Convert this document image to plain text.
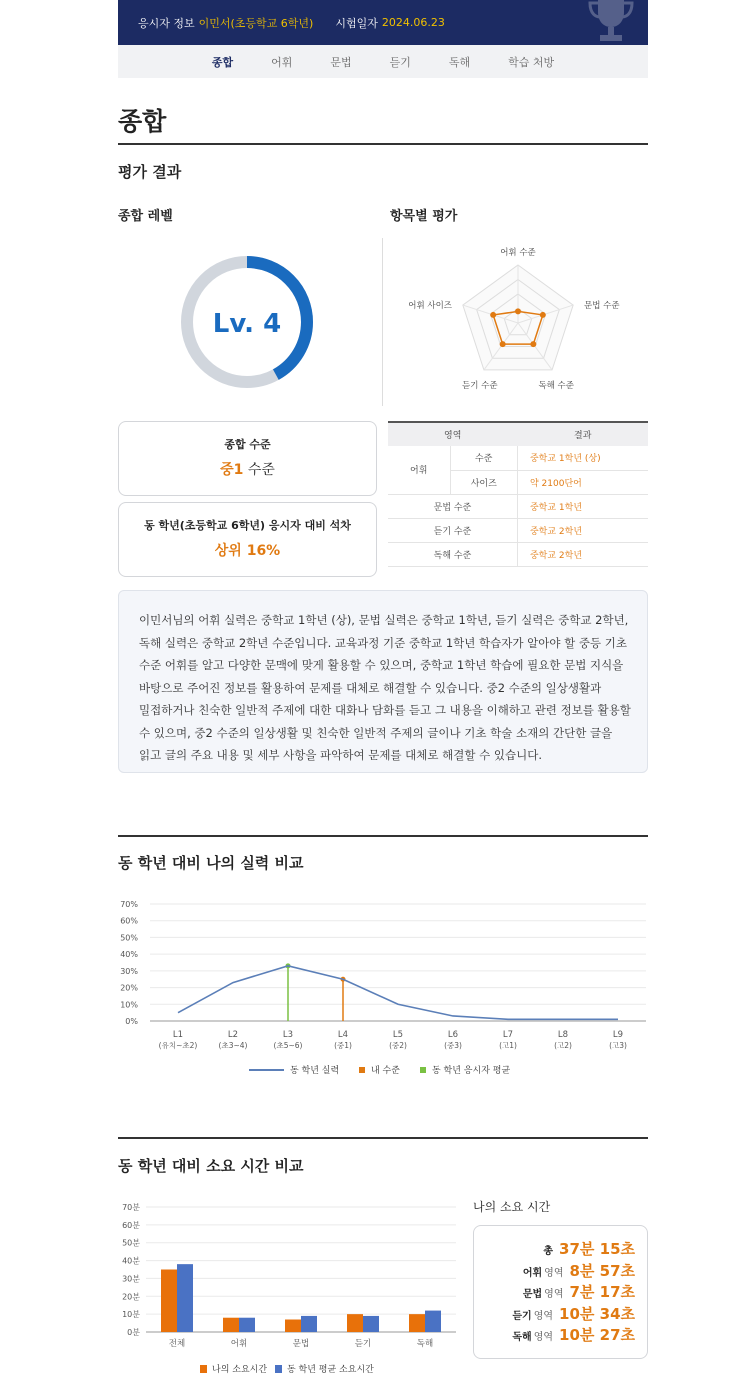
응시자 정보 이민서(초등학교 6학년) 시험일자 2024.06.23
종합	어휘	문법	듣기	독해	학습 처방
종합
평가 결과
종합 레벨	항목별 평가
Lv. 4
어휘 수준
문법 수준
독해 수준
듣기 수준
어휘 사이즈
종합 수준
중1 수준
동 학년(초등학교 6학년) 응시자 대비 석차
상위 16%
영역		결과
어휘	수준	중학교 1학년 (상)
	사이즈	약 2100단어
문법 수준		중학교 1학년
듣기 수준		중학교 2학년
독해 수준		중학교 2학년
이민서님의 어휘 실력은 중학교 1학년 (상), 문법 실력은 중학교 1학년, 듣기 실력은 중학교 2학년,
독해 실력은 중학교 2학년 수준입니다. 교육과정 기준 중학교 1학년 학습자가 알아야 할 중등 기초
수준 어휘를 알고 다양한 문맥에 맞게 활용할 수 있으며, 중학교 1학년 학습에 필요한 문법 지식을
바탕으로 주어진 정보를 활용하여 문제를 대체로 해결할 수 있습니다. 중2 수준의 일상생활과
밀접하거나 친숙한 일반적 주제에 대한 대화나 담화를 듣고 그 내용을 이해하고 관련 정보를 활용할
수 있으며, 중2 수준의 일상생활 및 친숙한 일반적 주제의 글이나 기초 학술 소재의 간단한 글을
읽고 글의 주요 내용 및 세부 사항을 파악하여 문제를 대체로 해결할 수 있습니다.
동 학년 대비 나의 실력 비교
70%
60%
50%
40%
30%
20%
10%
0%
L1
(유치~초2)
L2
(초3~4)
L3
(초5~6)
L4
(중1)
L5
(중2)
L6
(중3)
L7
(고1)
L8
(고2)
L9
(고3)
동 학년 실력	내 수준	동 학년 응시자 평균
동 학년 대비 소요 시간 비교
70분
60분
50분
40분
30분
20분
10분
0분
전체	어휘	문법	듣기	독해
나의 소요시간 동 학년 평균 소요시간
나의 소요 시간
총 37분 15초
어휘 영역 8분 57초
문법 영역 7분 17초
듣기 영역 10분 34초
독해 영역 10분 27초
